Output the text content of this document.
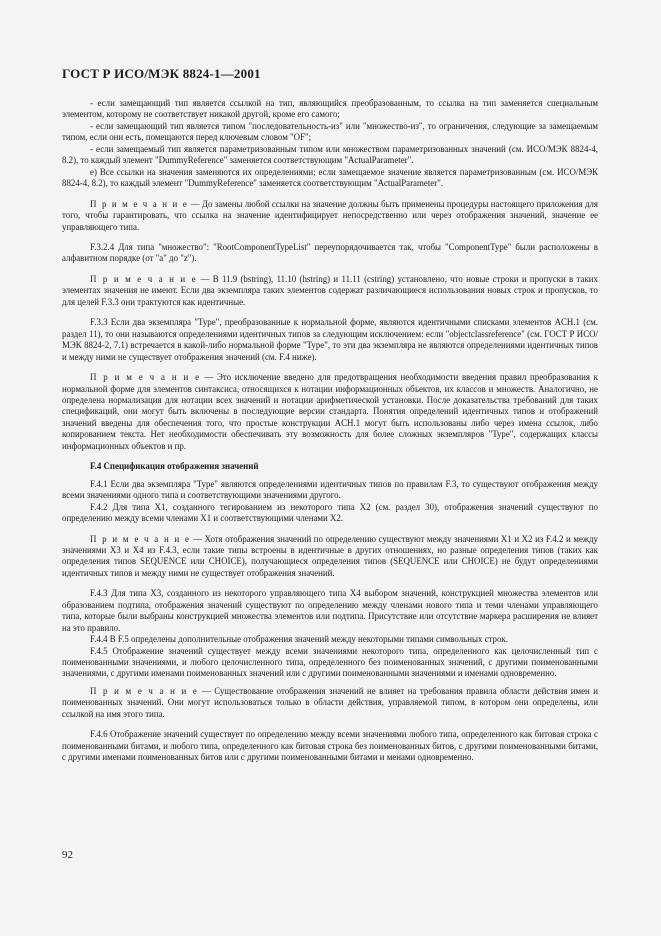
ГОСТ Р ИСО/МЭК 8824-1—2001

- если замещающий тип является ссылкой на тип, являющийся преобразованным, то ссылка на тип заменяется специальным элементом, которому не соответствует никакой другой, кроме его самого;

- если замещающий тип является типом "последовательность-из" или "множество-из", то ограничения, следующие за замещаемым типом, если они есть, помещаются перед ключевым словом "OF";

- если замещаемый тип является параметризованным типом или множеством параметризованных значений (см. ИСО/МЭК 8824-4, 8.2), то каждый элемент "DummyReference" заменяется соответствующим "ActualParameter".

е) Все ссылки на значения заменяются их определениями; если замещаемое значение является параметризованным (см. ИСО/МЭК 8824-4, 8.2), то каждый элемент "DummyReference" заменяется соответствующим "ActualParameter".

П р и м е ч а н и е — До замены любой ссылки на значение должны быть применены процедуры настоящего приложения для того, чтобы гарантировать, что ссылка на значение идентифицирует непосредственно или через отображения значений, значение ее управляющего типа.

F.3.2.4 Для типа "множество": "RootComponentTypeList" переупорядочивается так, чтобы "ComponentType" были расположены в алфавитном порядке (от "a" до "z").

П р и м е ч а н и е — В 11.9 (bstring), 11.10 (hstring) и 11.11 (cstring) установлено, что новые строки и пропуски в таких элементах значения не имеют. Если два экземпляра таких элементов содержат различающиеся использования новых строк и пропусков, то для целей F.3.3 они трактуются как идентичные.

F.3.3 Если два экземпляра "Type", преобразованные к нормальной форме, являются идентичными списками элементов ACH.1 (см. раздел 11), то они называются определениями идентичных типов за следующим исключением: если "objectclassreference" (см. ГОСТ Р ИСО/МЭК 8824-2, 7.1) встречается в какой-либо нормальной форме "Type", то эти два экземпляра не являются определениями идентичных типов и между ними не существует отображения значений (см. F.4 ниже).

П р и м е ч а н и е — Это исключение введено для предотвращения необходимости введения правил преобразования к нормальной форме для элементов синтаксиса, относящихся к нотации информационных объектов, их классов и множеств. Аналогично, не определена нормализация для нотации всех значений и нотации арифметической установки. После доказательства требований для таких спецификаций, они могут быть включены в последующие версии стандарта. Понятия определений идентичных типов и отображений значений введены для обеспечения того, что простые конструкции ACH.1 могут быть использованы либо через имена ссылок, либо копированием текста. Нет необходимости обеспечивать эту возможность для более сложных экземпляров "Type", содержащих классы информационных объектов и пр.

F.4 Спецификация отображения значений

F.4.1 Если два экземпляра "Type" являются определениями идентичных типов по правилам F.3, то существуют отображения между всеми значениями одного типа и соответствующими значениями другого.

F.4.2 Для типа X1, созданного тегированием из некоторого типа X2 (см. раздел 30), отображения значений существуют по определению между всеми членами X1 и соответствующими членами X2.

П р и м е ч а н и е — Хотя отображения значений по определению существуют между значениями X1 и X2 из F.4.2 и между значениями X3 и X4 из F.4.3, если такие типы встроены в идентичные в других отношениях, но разные определения типов (таких как определения типов SEQUENCE или CHOICE), получающиеся определения типов (SEQUENCE или CHOICE) не будут определениями идентичных типов и между ними не существует отображения значений.

F.4.3 Для типа X3, созданного из некоторого управляющего типа X4 выбором значений, конструкцией множества элементов или образованием подтипа, отображения значений существуют по определению между членами нового типа и теми членами управляющего типа, которые были выбраны конструкцией множества элементов или подтипа. Присутствие или отсутствие маркера расширения не влияет на это правило.

F.4.4 В F.5 определены дополнительные отображения значений между некоторыми типами символьных строк.

F.4.5 Отображение значений существует между всеми значениями некоторого типа, определенного как целочисленный тип с поименованными значениями, и любого целочисленного типа, определенного без поименованных значений, с другими поименованными значениями, с другими именами поименованных значений или с другими поименованными значениями и именами одновременно.

П р и м е ч а н и е — Существование отображения значений не влияет на требования правила области действия имен и поименованных значений. Они могут использоваться только в области действия, управляемой типом, в котором они определены, или ссылкой на имя этого типа.

F.4.6 Отображение значений существует по определению между всеми значениями любого типа, определенного как битовая строка с поименованными битами, и любого типа, определенного как битовая строка без поименованных битов, с другими поименованными битами, с другими именами поименованных битов или с другими поименованными битами и менами одновременно.

92
